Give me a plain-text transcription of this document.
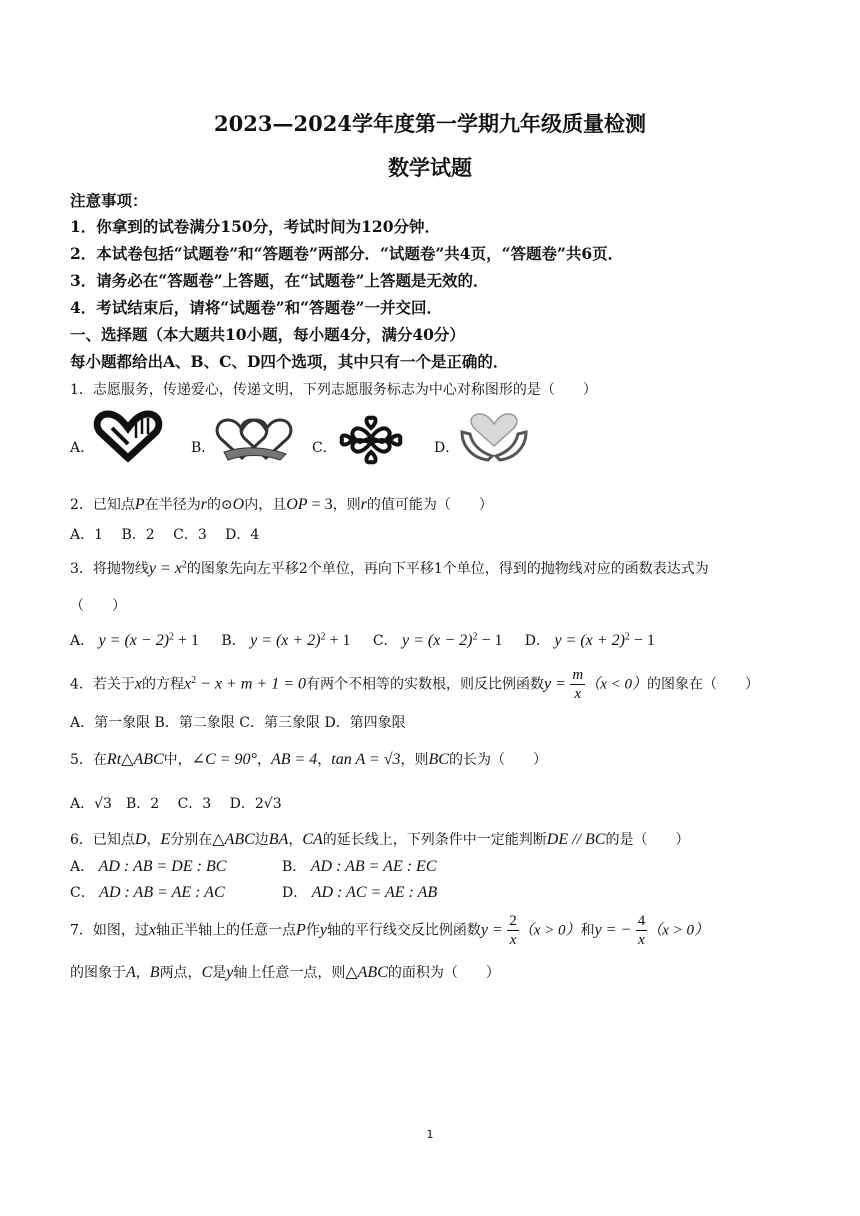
2023—2024学年度第一学期九年级质量检测
数学试题
注意事项：
1．你拿到的试卷满分150分，考试时间为120分钟．
2．本试卷包括“试题卷”和“答题卷”两部分．“试题卷”共4页，“答题卷”共6页．
3．请务必在“答题卷”上答题，在“试题卷”上答题是无效的．
4．考试结束后，请将“试题卷”和“答题卷”一并交回．
一、选择题（本大题共10小题，每小题4分，满分40分）
每小题都给出A、B、C、D四个选项，其中只有一个是正确的．
1．志愿服务，传递爱心，传递文明，下列志愿服务标志为中心对称图形的是（　　）
A．	B．	C．	D．
2．已知点P在半径为r的⊙O内，且OP = 3，则r的值可能为（　　）
A．1　 B．2　 C．3　 D．4
3．将抛物线$y = x^2$的图象先向左平移2个单位，再向下平移1个单位，得到的抛物线对应的函数表达式为
（　　）
A． $y = (x - 2)^2 + 1$ B． $y = (x + 2)^2 + 1$ C． $y = (x - 2)^2 - 1$ D． $y = (x + 2)^2 - 1$
4．若关于x的方程$x^2 - x + m + 1 = 0$有两个不相等的实数根，则反比例函数$y = \frac{m}{x} (x < 0)$的图象在（　　）
A．第一象限 B．第二象限 C．第三象限 D．第四象限
5．在Rt△ABC中，∠C = 90°，AB = 4，tan A = √3，则BC的长为（　　）
A．√3　B．2　 C．3　 D．2√3
6．已知点D，E分别在△ABC边BA，CA的延长线上，下列条件中一定能判断DE // BC的是（　　）
A． AD : AB = DE : BC	B． AD : AB = AE : EC
C． AD : AB = AE : AC	D． AD : AC = AE : AB
7．如图，过x轴正半轴上的任意一点P作y轴的平行线交反比例函数$y = \frac{2}{x} (x > 0)$和y = − $\frac{4}{x} (x > 0)$
的图象于A，B两点，C是y轴上任意一点，则△ABC的面积为（　　）
1
